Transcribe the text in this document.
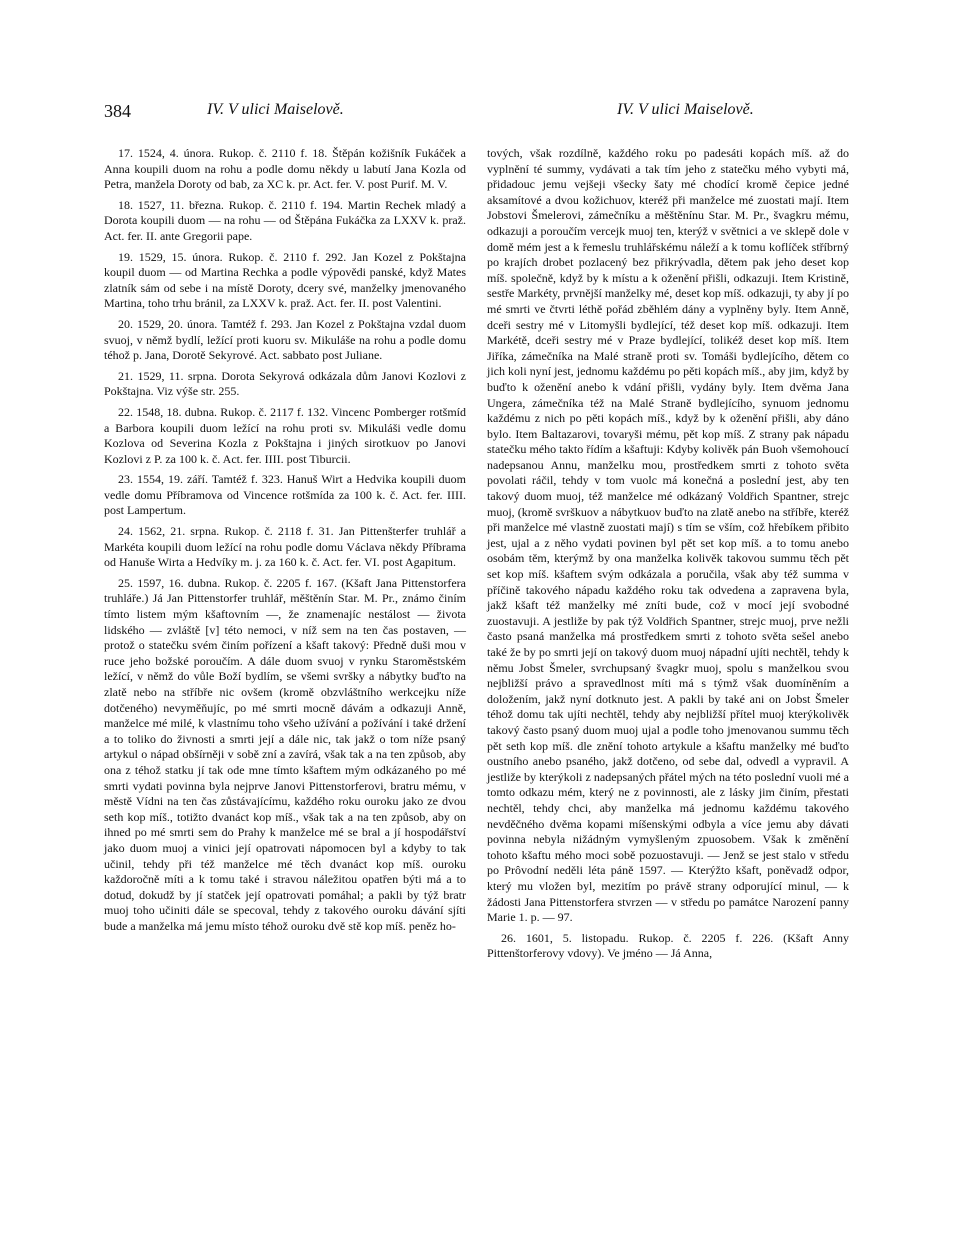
384	IV. V ulici Maiselově.	IV. V ulici Maiselově.

17. 1524, 4. února. Rukop. č. 2110 f. 18. Štěpán kožišník Fukáček a Anna koupili duom na rohu a podle domu někdy u labutí Jana Kozla od Petra, manžela Doroty od bab, za XC k. pr. Act. fer. V. post Purif. M. V.

18. 1527, 11. března. Rukop. č. 2110 f. 194. Martin Rechek mladý a Dorota koupili duom — na rohu — od Štěpána Fukáčka za LXXV k. praž. Act. fer. II. ante Gregorii pape.

19. 1529, 15. února. Rukop. č. 2110 f. 292. Jan Kozel z Pokštajna koupil duom — od Martina Rechka a podle výpovědi panské, když Mates zlatník sám od sebe i na místě Doroty, dcery své, manželky jmenovaného Martina, toho trhu bránil, za LXXV k. praž. Act. fer. II. post Valentini.

20. 1529, 20. února. Tamtéž f. 293. Jan Kozel z Pokštajna vzdal duom svuoj, v němž bydlí, ležící proti kuoru sv. Mikuláše na rohu a podle domu téhož p. Jana, Dorotě Sekyrové. Act. sabbato post Juliane.

21. 1529, 11. srpna. Dorota Sekyrová odkázala dům Janovi Kozlovi z Pokštajna. Viz výše str. 255.

22. 1548, 18. dubna. Rukop. č. 2117 f. 132. Vincenc Pomberger rotšmíd a Barbora koupili duom ležící na rohu proti sv. Mikuláši vedle domu Kozlova od Severina Kozla z Pokštajna i jiných sirotkuov po Janovi Kozlovi z P. za 100 k. č. Act. fer. IIII. post Tiburcii.

23. 1554, 19. září. Tamtéž f. 323. Hanuš Wirt a Hedvika koupili duom vedle domu Příbramova od Vincence rotšmída za 100 k. č. Act. fer. IIII. post Lampertum.

24. 1562, 21. srpna. Rukop. č. 2118 f. 31. Jan Pittenšterfer truhlář a Markéta koupili duom ležící na rohu podle domu Václava někdy Příbrama od Hanuše Wirta a Hedvíky m. j. za 160 k. č. Act. fer. VI. post Agapitum.

25. 1597, 16. dubna. Rukop. č. 2205 f. 167. (Kšaft Jana Pittenstorfera truhláře.) Já Jan Pittenstorfer truhlář, měštěnín Star. M. Pr., známo činím tímto listem mým kšaftovním —, že znamenajíc nestálost — života lidského — zvláště [v] této nemoci, v níž sem na ten čas postaven, — protož o statečku svém činím pořízení a kšaft takový: Předně duši mou v ruce jeho božské poroučím. A dále duom svuoj v rynku Staroměstském ležící, v němž do vůle Boží bydlím, se všemi svršky a nábytky buďto na zlatě nebo na stříbře nic ovšem (kromě obzvláštního werkcejku níže dotčeného) nevyměňujíc, po mé smrti mocně dávám a odkazuji Anně, manželce mé milé, k vlastnímu toho všeho užívání a požívání i také držení a to tolikо do živnosti a smrti její a dále nic, tak jakž o tom níže psaný artykul o nápad obšírněji v sobě zní a zavírá, však tak a na ten způsob, aby ona z téhož statku jí tak ode mne tímto kšaftem mým odkázaného po mé smrti vydati povinna byla nejprve Janovi Pittenstorferovi, bratru mému, v městě Vídni na ten čas zůstávajícímu, každého roku ouroku jako ze dvou seth kop míš., totižto dvanáct kop míš., však tak a na ten způsob, aby on ihned po mé smrti sem do Prahy k manželce mé se bral a jí hospodářství jako duom muoj a vinici její opatrovati nápomocen byl a kdyby to tak učinil, tehdy při též manželce mé těch dvanáct kop míš. ouroku každoročně míti a k tomu také i stravou náležitou opatřen býti má a to dotud, dokudž by jí statček její opatrovati pomáhal; a pakli by týž bratr muoj toho učiniti dále se specoval, tehdy z takového ouroku dávání sjíti bude a manželka má jemu místo téhož ouroku dvě stě kop míš. peněz ho-

tových, však rozdílně, každého roku po padesáti kopách míš. až do vyplnění té summy, vydávati a tak tím jeho z statečku mého vybyti má, přidadouc jemu vejšeji všecky šaty mé chodící kromě čepice jedné aksamítové a dvou kožichuov, kteréž při manželce mé zuostati mají. Item Jobstovi Šmelerovi, zámečníku a měštěnínu Star. M. Pr., švagkru mému, odkazuji a poroučím vercejk muoj ten, kterýž v světnici a ve sklepě dole v domě mém jest a k řemeslu truhlářskému náleží a k tomu koflíček stříbrný po krajích drobet pozlacený bez přikrývadla, dětem pak jeho deset kop míš. společně, když by k místu a k oženění přišli, odkazuji. Item Kristině, sestře Markéty, prvnější manželky mé, deset kop míš. odkazuji, ty aby jí po mé smrti ve čtvrti léthě pořád zběhlém dány a vyplněny byly. Item Anně, dceři sestry mé v Litomyšli bydlející, též deset kop míš. odkazuji. Item Markétě, dceři sestry mé v Praze bydlející, tolikéž deset kop míš. Item Jiříka, zámečníka na Malé straně proti sv. Tomáši bydlejícího, dětem co jich koli nyní jest, jednomu každému po pěti kopách míš., aby jim, když by buďto k oženění anebo k vdání přišli, vydány byly. Item dvěma Jana Ungera, zámečníka též na Malé Straně bydlejícího, synuom jednomu každému z nich po pěti kopách míš., když by k oženění přišli, aby dáno bylo. Item Baltazarovi, tovaryši mému, pět kop míš. Z strany pak nápadu statečku mého takto řídím a kšaftuji: Kdyby kolivěk pán Buoh všemohoucí nadepsanou Annu, manželku mou, prostředkem smrti z tohoto světa povolati ráčil, tehdy v tom vuolc má konečná a poslední jest, aby ten takový duom muoj, též manželce mé odkázaný Voldřich Spantner, strejc muoj, (kromě svrškuov a nábytkuov buďto na zlatě anebo na stříbře, kteréž při manželce mé vlastně zuostati mají) s tím se vším, což hřebíkem přibito jest, ujal a z něho vydati povinen byl pět set kop míš. a to tomu anebo osobám těm, kterýmž by ona manželka kolivěk takovou summu těch pět set kop míš. kšaftem svým odkázala a poručila, však aby též summa v příčině takového nápadu každého roku tak odvedena a zapravena byla, jakž kšaft též manželky mé zníti bude, což v mocí její svobodné zuostavuji. A jestliže by pak týž Voldřich Spantner, strejc muoj, prve nežli často psaná manželka má prostředkem smrti z tohoto světa sešel anebo také že by po smrti její on takový duom muoj nápadní ujíti nechtěl, tehdy k němu Jobst Šmeler, svrchupsaný švagkr muoj, spolu s manželkou svou nejbližší právo a spravedlnost míti má s týmž však duomíněním a doložením, jakž nyní dotknuto jest. A pakli by také ani on Jobst Šmeler téhož domu tak ujíti nechtěl, tehdy aby nejbližší přítel muoj kterýkolivěk takový často psaný duom muoj ujal a podle toho jmenovanou summu těch pět seth kop míš. dle znění tohoto artykule a kšaftu manželky mé buďto oustního anebo psaného, jakž dotčeno, od sebe dal, odvedl a vypravil. A jestliže by kterýkoli z nadepsaných přátel mých na této poslední vuoli mé a tomto odkazu mém, který ne z povinnosti, ale z lásky jim činím, přestati nechtěl, tehdy chci, aby manželka má jednomu každému takového nevděčného dvěma kopami míšenskými odbyla a více jemu aby dávati povinna nebyla nižádným vymyšleným zpuosobem. Však k změnění tohoto kšaftu mého moci sobě pozuostavuji. — Jenž se jest stalo v středu po Prôvodní neděli léta páně 1597. — Kterýžto kšaft, poněvadž odpor, který mu vložen byl, mezitím po právě strany odporující minul, — k žádosti Jana Pittenstorfera stvrzen — v středu po památce Narození panny Marie 1. p. — 97.

26. 1601, 5. listopadu. Rukop. č. 2205 f. 226. (Kšaft Anny Pittenštorferovy vdovy). Ve jméno — Já Anna,
